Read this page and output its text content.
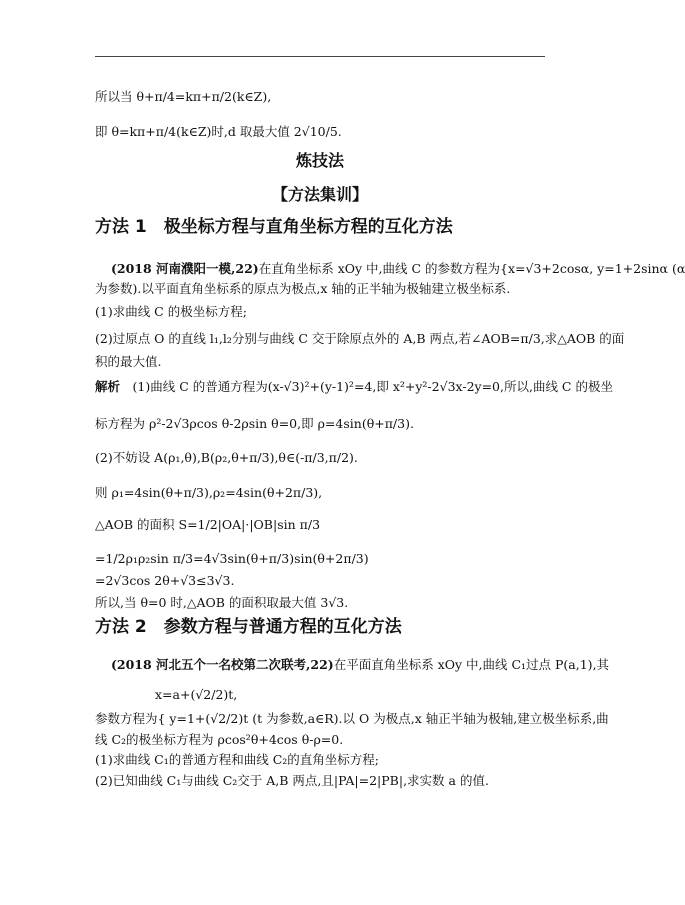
所以当 θ+π/4=kπ+π/2(k∈Z),
即 θ=kπ+π/4(k∈Z)时,d 取最大值 2√10/5.
炼技法
【方法集训】
方法 1　极坐标方程与直角坐标方程的互化方法
(2018 河南濮阳一模,22)在直角坐标系 xOy 中,曲线 C 的参数方程为{x=√3+2cosα, y=1+2sinα (α
为参数).以平面直角坐标系的原点为极点,x 轴的正半轴为极轴建立极坐标系.
(1)求曲线 C 的极坐标方程;
(2)过原点 O 的直线 l₁,l₂分别与曲线 C 交于除原点外的 A,B 两点,若∠AOB=π/3,求△AOB 的面
积的最大值.
解析　(1)曲线 C 的普通方程为(x-√3)²+(y-1)²=4,即 x²+y²-2√3x-2y=0,所以,曲线 C 的极坐
标方程为 ρ²-2√3ρcos θ-2ρsin θ=0,即 ρ=4sin(θ+π/3).
(2)不妨设 A(ρ₁,θ),B(ρ₂,θ+π/3),θ∈(-π/3,π/2).
则 ρ₁=4sin(θ+π/3),ρ₂=4sin(θ+2π/3),
△AOB 的面积 S=1/2|OA|·|OB|sin π/3
=1/2ρ₁ρ₂sin π/3=4√3sin(θ+π/3)sin(θ+2π/3)
=2√3cos 2θ+√3≤3√3.
所以,当 θ=0 时,△AOB 的面积取最大值 3√3.
方法 2　参数方程与普通方程的互化方法
(2018 河北五个一名校第二次联考,22)在平面直角坐标系 xOy 中,曲线 C₁过点 P(a,1),其
x=a+(√2/2)t,
参数方程为{ y=1+(√2/2)t (t 为参数,a∈R).以 O 为极点,x 轴正半轴为极轴,建立极坐标系,曲
线 C₂的极坐标方程为 ρcos²θ+4cos θ-ρ=0.
(1)求曲线 C₁的普通方程和曲线 C₂的直角坐标方程;
(2)已知曲线 C₁与曲线 C₂交于 A,B 两点,且|PA|=2|PB|,求实数 a 的值.
